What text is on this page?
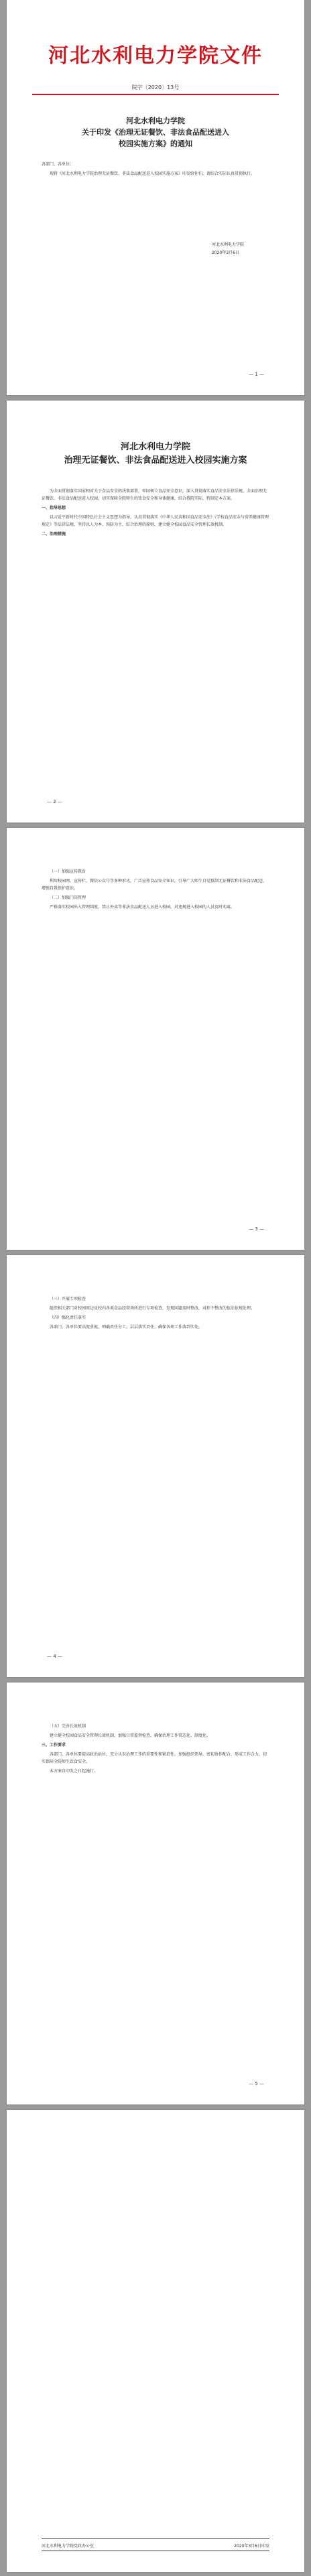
河北水利电力学院文件
院字〔2020〕13号
河北水利电力学院
关于印发《治理无证餐饮、非法食品配送进入
校园实施方案》的通知

各部门、各单位：

现将《河北水利电力学院治理无证餐饮、非法食品配送进入校园实施方案》印发给你们，请结合实际认真贯彻执行。

河北水利电力学院
2020年3月6日
— 1 —
河北水利电力学院
治理无证餐饮、非法食品配送进入校园实施方案

为全面贯彻落实国家和省关于食品安全的决策部署，牢固树立食品安全意识，深入贯彻落实食品安全法律法规，全面治理无证餐饮、非法食品配送进入校园，切实保障全院师生的饮食安全和身体健康，结合我院实际，特制定本方案。

一、指导思想

以习近平新时代中国特色社会主义思想为指导，认真贯彻落实《中华人民共和国食品安全法》《学校食品安全与营养健康管理规定》等法律法规，坚持以人为本、预防为主、综合治理的原则，建立健全校园食品安全管理长效机制。

二、治理措施

— 2 —

（一）加强宣传教育

利用校园网、宣传栏、微信公众号等多种形式，广泛宣传食品安全知识，引导广大师生自觉抵制无证餐饮和非法食品配送，增强自我保护意识。

（二）加强门岗管理

严格落实校园出入管理制度，禁止外卖等非法食品配送人员进入校园，对违规进入校园的人员及时劝离。

— 3 —

（三）开展专项检查

组织相关部门对校园周边及校内各类食品经营场所进行专项检查，发现问题及时整改，对拒不整改的依法依规处理。

（四）强化责任落实

各部门、各单位要高度重视，明确责任分工，层层落实责任，确保各项工作落到实处。

— 4 —

（五）完善长效机制

建立健全校园食品安全管理长效机制，加强日常监督检查，确保治理工作常态化、制度化。

三、工作要求

各部门、各单位要提高政治站位，充分认识治理工作的重要性和紧迫性，加强组织领导，密切协作配合，形成工作合力，切实保障全院师生饮食安全。

本方案自印发之日起施行。

— 5 —
河北水利电力学院党政办公室	2020年3月6日印发
